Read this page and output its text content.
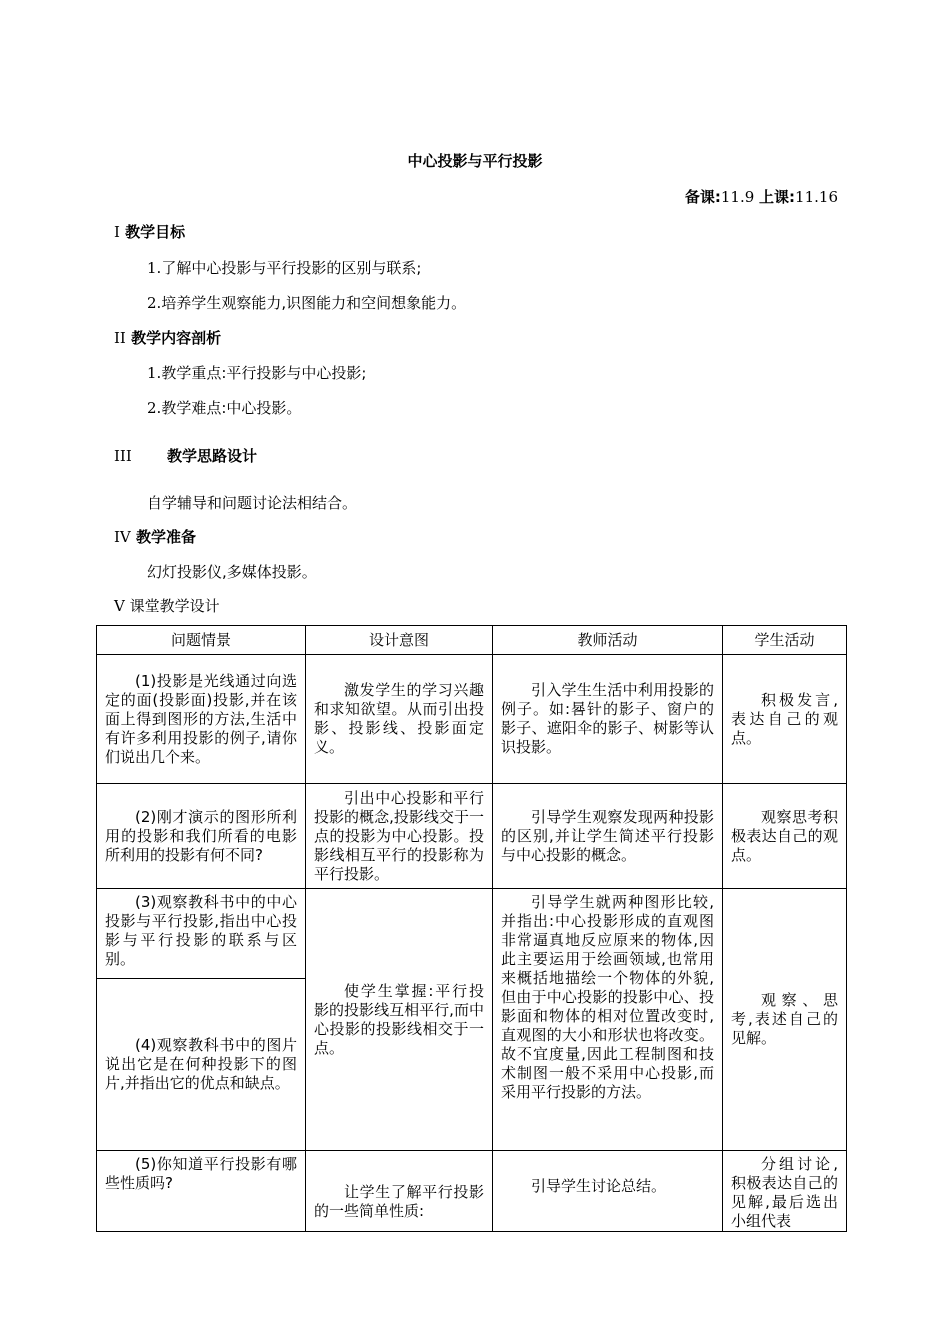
中心投影与平行投影
备课:11.9 上课:11.16
I 教学目标
1.了解中心投影与平行投影的区别与联系;
2.培养学生观察能力,识图能力和空间想象能力。
II 教学内容剖析
1.教学重点:平行投影与中心投影;
2.教学难点:中心投影。
III 教学思路设计
自学辅导和问题讨论法相结合。
IV 教学准备
幻灯投影仪,多媒体投影。
V 课堂教学设计
问题情景	设计意图	教师活动	学生活动
(1)投影是光线通过向选定的面(投影面)投影,并在该面上得到图形的方法,生活中有许多利用投影的例子,请你们说出几个来。	激发学生的学习兴趣和求知欲望。从而引出投影、投影线、投影面定义。	引入学生生活中利用投影的例子。如:晷针的影子、窗户的影子、遮阳伞的影子、树影等认识投影。	积极发言,表达自己的观点。
(2)刚才演示的图形所利用的投影和我们所看的电影所利用的投影有何不同?	引出中心投影和平行投影的概念,投影线交于一点的投影为中心投影。投影线相互平行的投影称为平行投影。	引导学生观察发现两种投影的区别,并让学生简述平行投影与中心投影的概念。	观察思考积极表达自己的观点。
(3)观察教科书中的中心投影与平行投影,指出中心投影与平行投影的联系与区别。	使学生掌握:平行投影的投影线互相平行,而中心投影的投影线相交于一点。	引导学生就两种图形比较,并指出:中心投影形成的直观图非常逼真地反应原来的物体,因此主要运用于绘画领域,也常用来概括地描绘一个物体的外貌,但由于中心投影的投影中心、投影面和物体的相对位置改变时,直观图的大小和形状也将改变。故不宜度量,因此工程制图和技术制图一般不采用中心投影,而采用平行投影的方法。	观察、思考,表述自己的见解。
(4)观察教科书中的图片说出它是在何种投影下的图片,并指出它的优点和缺点。			
(5)你知道平行投影有哪些性质吗?	让学生了解平行投影的一些简单性质:	引导学生讨论总结。	分组讨论,积极表达自己的见解,最后选出小组代表
